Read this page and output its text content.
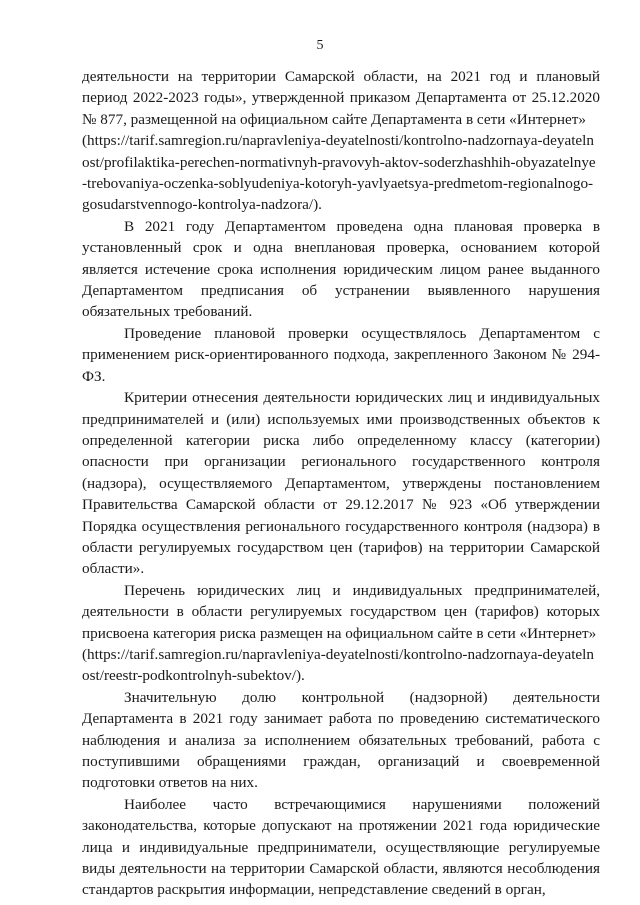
5

деятельности на территории Самарской области, на 2021 год и плановый период 2022-2023 годы», утвержденной приказом Департамента от 25.12.2020 № 877, размещенной на официальном сайте Департамента в сети «Интернет»

(https://tarif.samregion.ru/napravleniya-deyatelnosti/kontrolno-nadzornaya-deyatelnost/profilaktika-perechen-normativnyh-pravovyh-aktov-soderzhashhih-obyazatelnye-trebovaniya-oczenka-soblyudeniya-kotoryh-yavlyaetsya-predmetom-regionalnogo-gosudarstvennogo-kontrolya-nadzora/).

В 2021 году Департаментом проведена одна плановая проверка в установленный срок и одна внеплановая проверка, основанием которой является истечение срока исполнения юридическим лицом ранее выданного Департаментом предписания об устранении выявленного нарушения обязательных требований.

Проведение плановой проверки осуществлялось Департаментом с применением риск-ориентированного подхода, закрепленного Законом № 294-ФЗ.

Критерии отнесения деятельности юридических лиц и индивидуальных предпринимателей и (или) используемых ими производственных объектов к определенной категории риска либо определенному классу (категории) опасности при организации регионального государственного контроля (надзора), осуществляемого Департаментом, утверждены постановлением Правительства Самарской области от 29.12.2017 № 923 «Об утверждении Порядка осуществления регионального государственного контроля (надзора) в области регулируемых государством цен (тарифов) на территории Самарской области».

Перечень юридических лиц и индивидуальных предпринимателей, деятельности в области регулируемых государством цен (тарифов) которых присвоена категория риска размещен на официальном сайте в сети «Интернет»

(https://tarif.samregion.ru/napravleniya-deyatelnosti/kontrolno-nadzornaya-deyatelnost/reestr-podkontrolnyh-subektov/).

Значительную долю контрольной (надзорной) деятельности Департамента в 2021 году занимает работа по проведению систематического наблюдения и анализа за исполнением обязательных требований, работа с поступившими обращениями граждан, организаций и своевременной подготовки ответов на них.

Наиболее часто встречающимися нарушениями положений законодательства, которые допускают на протяжении 2021 года юридические лица и индивидуальные предприниматели, осуществляющие регулируемые виды деятельности на территории Самарской области, являются несоблюдения стандартов раскрытия информации, непредставление сведений в орган,
